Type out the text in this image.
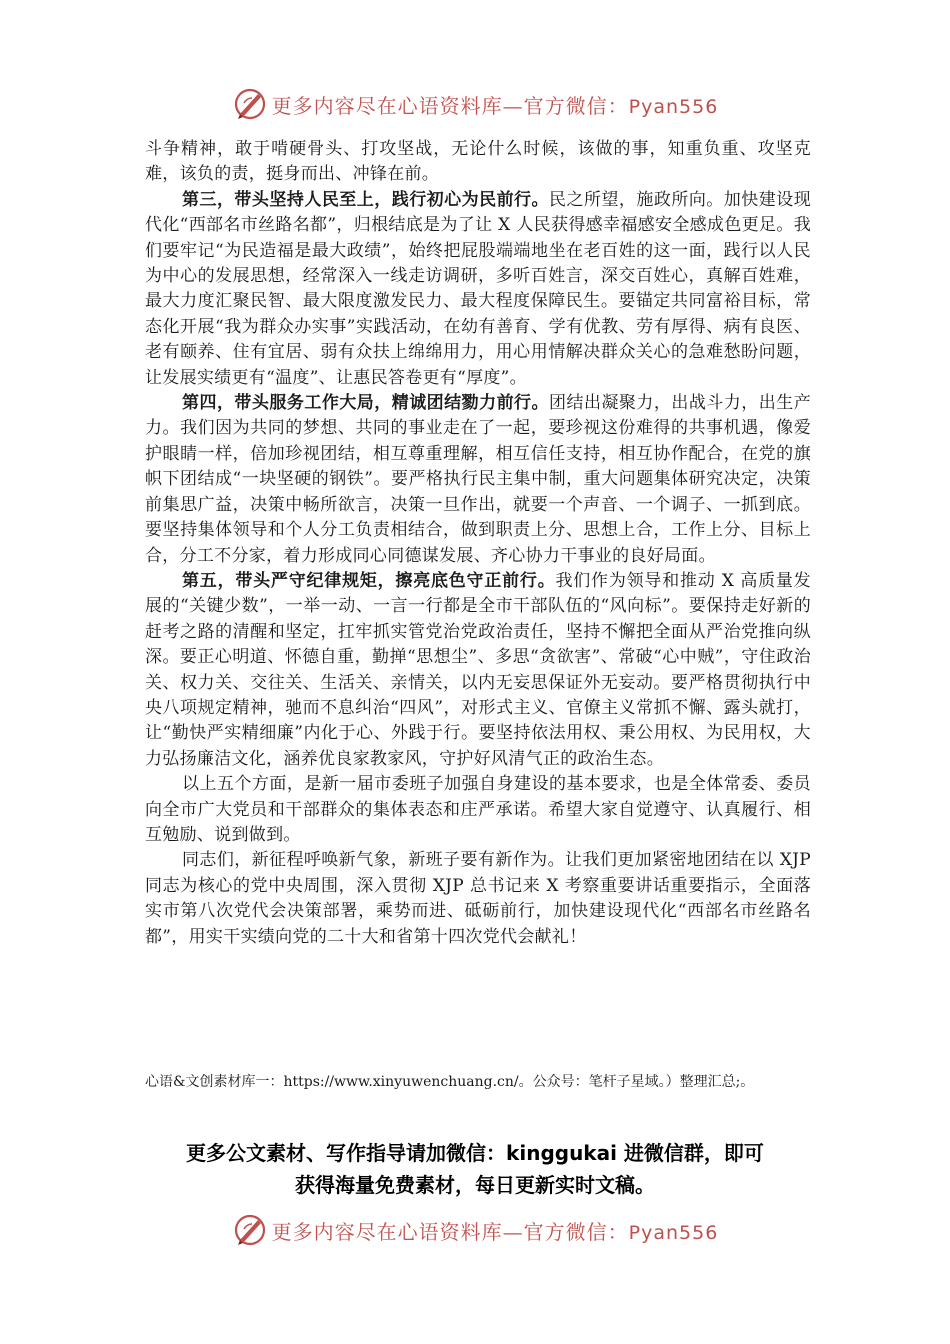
更多内容尽在心语资料库—官方微信：Pyan556

斗争精神，敢于啃硬骨头、打攻坚战，无论什么时候，该做的事，知重负重、攻坚克难，该负的责，挺身而出、冲锋在前。

第三，带头坚持人民至上，践行初心为民前行。民之所望，施政所向。加快建设现代化“西部名市丝路名都”，归根结底是为了让 X 人民获得感幸福感安全感成色更足。我们要牢记“为民造福是最大政绩”，始终把屁股端端地坐在老百姓的这一面，践行以人民为中心的发展思想，经常深入一线走访调研，多听百姓言，深交百姓心，真解百姓难，最大力度汇聚民智、最大限度激发民力、最大程度保障民生。要锚定共同富裕目标，常态化开展“我为群众办实事”实践活动，在幼有善育、学有优教、劳有厚得、病有良医、老有颐养、住有宜居、弱有众扶上绵绵用力，用心用情解决群众关心的急难愁盼问题，让发展实绩更有“温度”、让惠民答卷更有“厚度”。

第四，带头服务工作大局，精诚团结勠力前行。团结出凝聚力，出战斗力，出生产力。我们因为共同的梦想、共同的事业走在了一起，要珍视这份难得的共事机遇，像爱护眼睛一样，倍加珍视团结，相互尊重理解，相互信任支持，相互协作配合，在党的旗帜下团结成“一块坚硬的钢铁”。要严格执行民主集中制，重大问题集体研究决定，决策前集思广益，决策中畅所欲言，决策一旦作出，就要一个声音、一个调子、一抓到底。要坚持集体领导和个人分工负责相结合，做到职责上分、思想上合，工作上分、目标上合，分工不分家，着力形成同心同德谋发展、齐心协力干事业的良好局面。

第五，带头严守纪律规矩，擦亮底色守正前行。我们作为领导和推动 X 高质量发展的“关键少数”，一举一动、一言一行都是全市干部队伍的“风向标”。要保持走好新的赶考之路的清醒和坚定，扛牢抓实管党治党政治责任，坚持不懈把全面从严治党推向纵深。要正心明道、怀德自重，勤掸“思想尘”、多思“贪欲害”、常破“心中贼”，守住政治关、权力关、交往关、生活关、亲情关，以内无妄思保证外无妄动。要严格贯彻执行中央八项规定精神，驰而不息纠治“四风”，对形式主义、官僚主义常抓不懈、露头就打，让“勤快严实精细廉”内化于心、外践于行。要坚持依法用权、秉公用权、为民用权，大力弘扬廉洁文化，涵养优良家教家风，守护好风清气正的政治生态。

以上五个方面，是新一届市委班子加强自身建设的基本要求，也是全体常委、委员向全市广大党员和干部群众的集体表态和庄严承诺。希望大家自觉遵守、认真履行、相互勉励、说到做到。

同志们，新征程呼唤新气象，新班子要有新作为。让我们更加紧密地团结在以 XJP 同志为核心的党中央周围，深入贯彻 XJP 总书记来 X 考察重要讲话重要指示，全面落实市第八次党代会决策部署，乘势而进、砥砺前行，加快建设现代化“西部名市丝路名都”，用实干实绩向党的二十大和省第十四次党代会献礼！

心语&文创素材库一：https://www.xinyuwenchuang.cn/。公众号：笔杆子星域。）整理汇总;。
更多公文素材、写作指导请加微信：kinggukai 进微信群，即可
获得海量免费素材，每日更新实时文稿。
更多内容尽在心语资料库—官方微信：Pyan556
